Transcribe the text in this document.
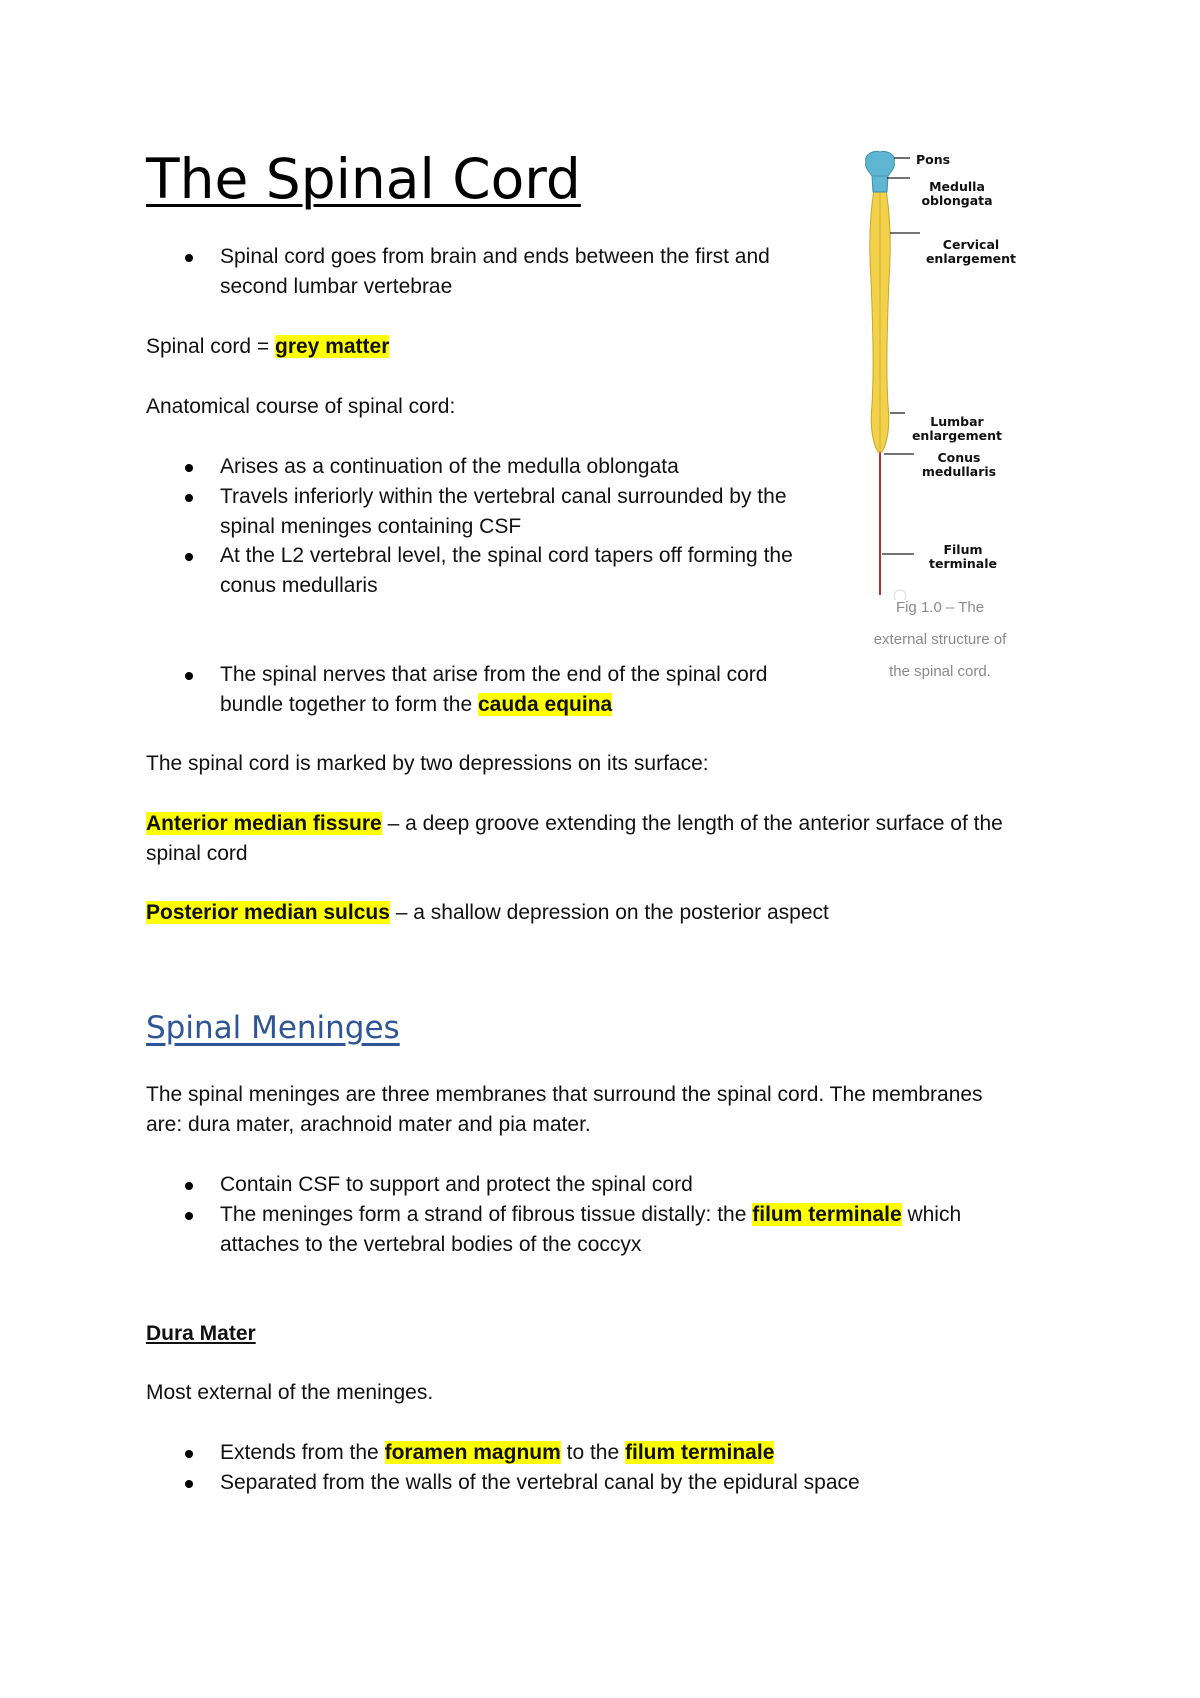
The Spinal Cord
Spinal cord goes from brain and ends between the first and
second lumbar vertebrae
Spinal cord = grey matter
Anatomical course of spinal cord:
Arises as a continuation of the medulla oblongata
Travels inferiorly within the vertebral canal surrounded by the
spinal meninges containing CSF
At the L2 vertebral level, the spinal cord tapers off forming the
conus medullaris
The spinal nerves that arise from the end of the spinal cord
bundle together to form the cauda equina
The spinal cord is marked by two depressions on its surface:
Anterior median fissure – a deep groove extending the length of the anterior surface of the
spinal cord
Posterior median sulcus – a shallow depression on the posterior aspect
Spinal Meninges
The spinal meninges are three membranes that surround the spinal cord. The membranes
are: dura mater, arachnoid mater and pia mater.
Contain CSF to support and protect the spinal cord
The meninges form a strand of fibrous tissue distally: the filum terminale which
attaches to the vertebral bodies of the coccyx
Dura Mater
Most external of the meninges.
Extends from the foramen magnum to the filum terminale
Separated from the walls of the vertebral canal by the epidural space
Pons
Medulla
oblongata
Cervical
enlargement
Lumbar
enlargement
Conus
medullaris
Filum
terminale
Fig 1.0 – The
external structure of
the spinal cord.
